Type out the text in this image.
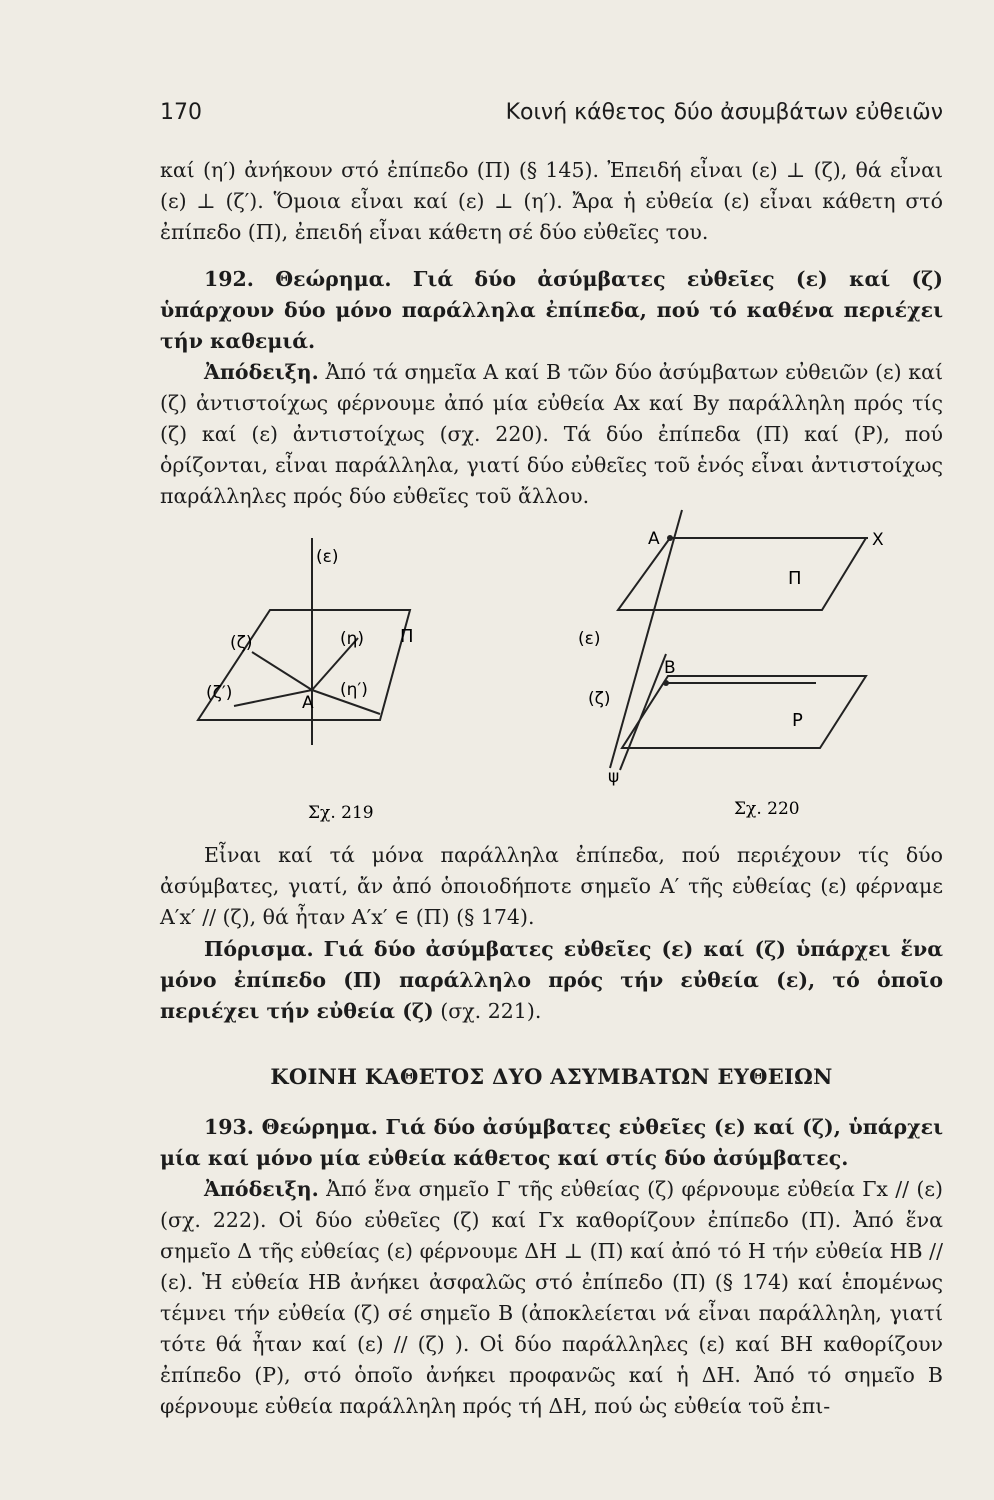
170	Κοινή κάθετος δύο ἀσυμβάτων εὐθειῶν

καί (η′) ἀνήκουν στό ἐπίπεδο (Π) (§ 145). Ἐπειδή εἶναι (ε) ⊥ (ζ), θά εἶναι (ε) ⊥ (ζ′). Ὅμοια εἶναι καί (ε) ⊥ (η′). Ἄρα ἡ εὐθεία (ε) εἶναι κάθετη στό ἐπίπεδο (Π), ἐπειδή εἶναι κάθετη σέ δύο εὐθεῖες του.

192. Θεώρημα. Γιά δύο ἀσύμβατες εὐθεῖες (ε) καί (ζ) ὑπάρχουν δύο μόνο παράλληλα ἐπίπεδα, πού τό καθένα περιέχει τήν καθεμιά.

Ἀπόδειξη. Ἀπό τά σημεῖα Α καί Β τῶν δύο ἀσύμβατων εὐθειῶν (ε) καί (ζ) ἀντιστοίχως φέρνουμε ἀπό μία εὐθεία Αx καί Βy παράλληλη πρός τίς (ζ) καί (ε) ἀντιστοίχως (σχ. 220). Τά δύο ἐπίπεδα (Π) καί (Ρ), πού ὁρίζονται, εἶναι παράλληλα, γιατί δύο εὐθεῖες τοῦ ἑνός εἶναι ἀντιστοίχως παράλληλες πρός δύο εὐθεῖες τοῦ ἄλλου.

(ε)
(ζ)	(η) Π
(ζ′)	(η′)
Α
Σχ. 219
Α	Χ
Π
(ε)
Β
(ζ)
Ρ
ψ
Σχ. 220

Εἶναι καί τά μόνα παράλληλα ἐπίπεδα, πού περιέχουν τίς δύο ἀσύμβατες, γιατί, ἄν ἀπό ὁποιοδήποτε σημεῖο Α′ τῆς εὐθείας (ε) φέρναμε Α′x′ // (ζ), θά ἦταν Α′x′ ∈ (Π) (§ 174).

Πόρισμα. Γιά δύο ἀσύμβατες εὐθεῖες (ε) καί (ζ) ὑπάρχει ἕνα μόνο ἐπίπεδο (Π) παράλληλο πρός τήν εὐθεία (ε), τό ὁποῖο περιέχει τήν εὐθεία (ζ) (σχ. 221).

ΚΟΙΝΗ ΚΑΘΕΤΟΣ ΔΥΟ ΑΣΥΜΒΑΤΩΝ ΕΥΘΕΙΩΝ

193. Θεώρημα. Γιά δύο ἀσύμβατες εὐθεῖες (ε) καί (ζ), ὑπάρχει μία καί μόνο μία εὐθεία κάθετος καί στίς δύο ἀσύμβατες.

Ἀπόδειξη. Ἀπό ἕνα σημεῖο Γ τῆς εὐθείας (ζ) φέρνουμε εὐθεία Γx // (ε) (σχ. 222). Οἱ δύο εὐθεῖες (ζ) καί Γx καθορίζουν ἐπίπεδο (Π). Ἀπό ἕνα σημεῖο Δ τῆς εὐθείας (ε) φέρνουμε ΔΗ ⊥ (Π) καί ἀπό τό Η τήν εὐθεία ΗΒ // (ε). Ἡ εὐθεία ΗΒ ἀνήκει ἀσφαλῶς στό ἐπίπεδο (Π) (§ 174) καί ἑπομένως τέμνει τήν εὐθεία (ζ) σέ σημεῖο Β (ἀποκλείεται νά εἶναι παράλληλη, γιατί τότε θά ἦταν καί (ε) // (ζ) ). Οἱ δύο παράλληλες (ε) καί ΒΗ καθορίζουν ἐπίπεδο (Ρ), στό ὁποῖο ἀνήκει προφανῶς καί ἡ ΔΗ. Ἀπό τό σημεῖο Β φέρνουμε εὐθεία παράλληλη πρός τή ΔΗ, πού ὡς εὐθεία τοῦ ἐπι-
